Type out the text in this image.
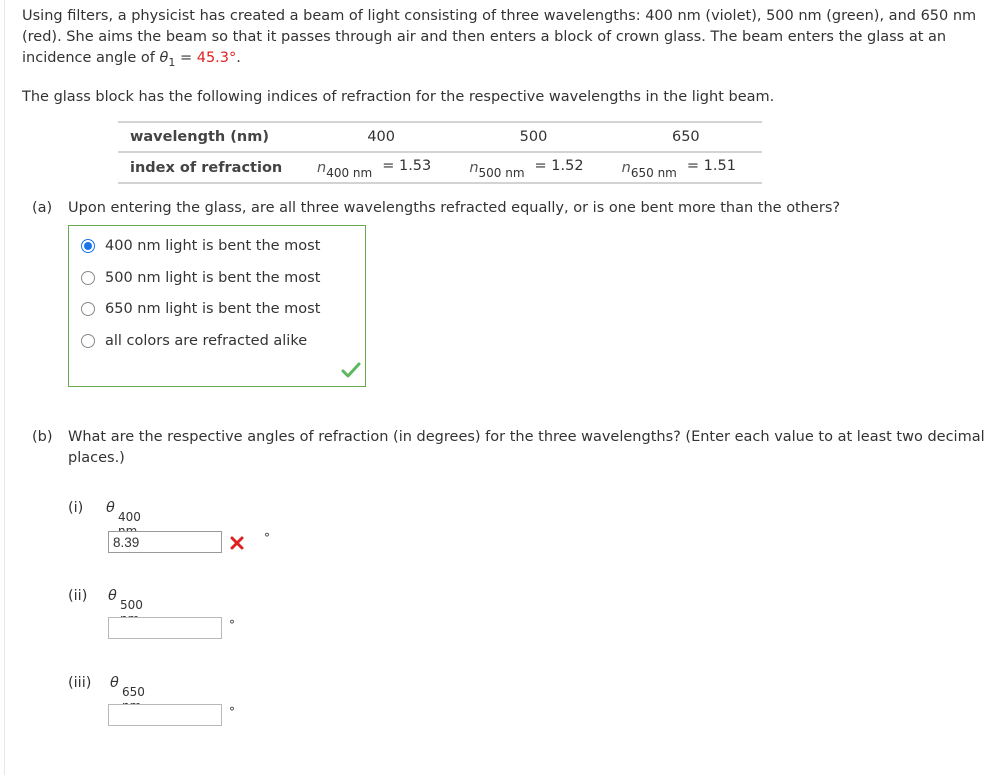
Using filters, a physicist has created a beam of light consisting of three wavelengths: 400 nm (violet), 500 nm (green), and 650 nm (red). She aims the beam so that it passes through air and then enters a block of crown glass. The beam enters the glass at an incidence angle of $\theta_1 = 45.3^\circ$.
The glass block has the following indices of refraction for the respective wavelengths in the light beam.
wavelength (nm)	400	500	650
index of refraction	$n_{400 nm} = 1.53$	$n_{500 nm} = 1.52$	$n_{650 nm} = 1.51$
(a) Upon entering the glass, are all three wavelengths refracted equally, or is one bent more than the others?
400 nm light is bent the most
500 nm light is bent the most
650 nm light is bent the most
all colors are refracted alike
(b) What are the respective angles of refraction (in degrees) for the three wavelengths? (Enter each value to at least two decimal places.)
(i) θ
400
8.39
°
(ii) θ
500
°
(iii) θ
650
°
